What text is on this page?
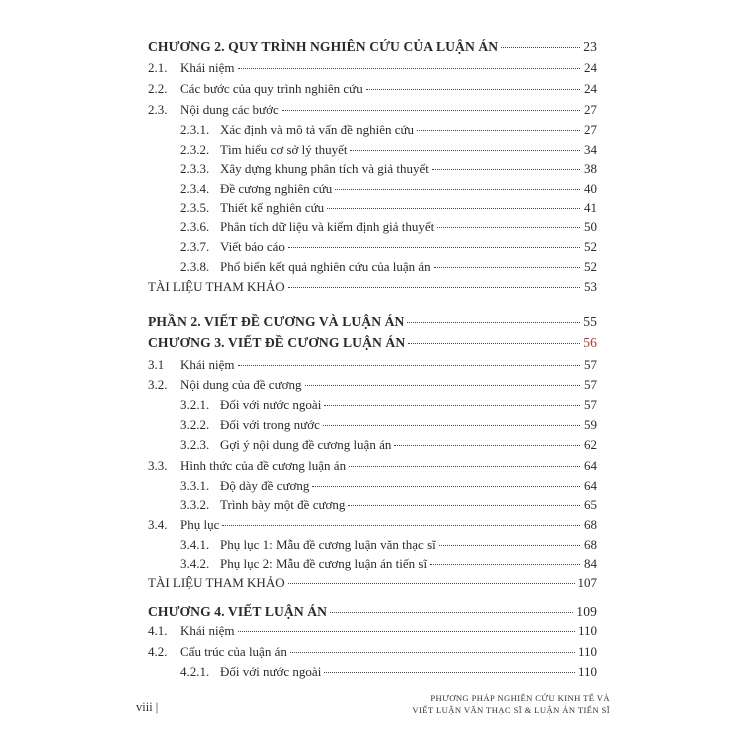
CHƯƠNG 2. QUY TRÌNH NGHIÊN CỨU CỦA LUẬN ÁN	23
2.1. Khái niệm	24
2.2. Các bước của quy trình nghiên cứu	24
2.3. Nội dung các bước	27
2.3.1. Xác định và mô tả vấn đề nghiên cứu	27
2.3.2. Tìm hiểu cơ sở lý thuyết	34
2.3.3. Xây dựng khung phân tích và giả thuyết	38
2.3.4. Đề cương nghiên cứu	40
2.3.5. Thiết kế nghiên cứu	41
2.3.6. Phân tích dữ liệu và kiểm định giả thuyết	50
2.3.7. Viết báo cáo	52
2.3.8. Phổ biến kết quả nghiên cứu của luận án	52
TÀI LIỆU THAM KHẢO	53
PHẦN 2. VIẾT ĐỀ CƯƠNG VÀ LUẬN ÁN	55
CHƯƠNG 3. VIẾT ĐỀ CƯƠNG LUẬN ÁN	56
3.1	Khái niệm	57
3.2. Nội dung của đề cương	57
3.2.1. Đối với nước ngoài	57
3.2.2. Đối với trong nước	59
3.2.3. Gợi ý nội dung đề cương luận án	62
3.3. Hình thức của đề cương luận án	64
3.3.1. Độ dày đề cương	64
3.3.2. Trình bày một đề cương	65
3.4. Phụ lục	68
3.4.1. Phụ lục 1: Mẫu đề cương luận văn thạc sĩ	68
3.4.2. Phụ lục 2: Mẫu đề cương luận án tiến sĩ	84
TÀI LIỆU THAM KHẢO	107
CHƯƠNG 4. VIẾT LUẬN ÁN	109
4.1. Khái niệm	110
4.2. Cấu trúc của luận án	110
4.2.1. Đối với nước ngoài	110
viii |
PHƯƠNG PHÁP NGHIÊN CỨU KINH TẾ VÀ
VIẾT LUẬN VĂN THẠC SĨ & LUẬN ÁN TIẾN SĨ
